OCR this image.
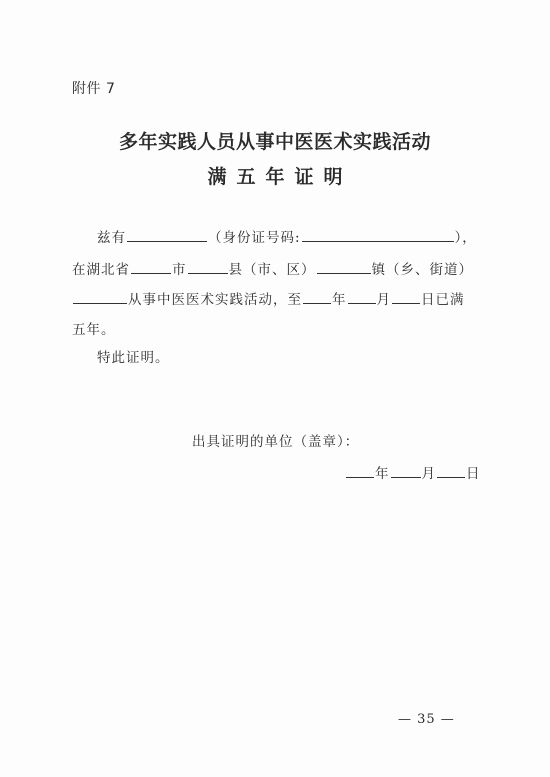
附件 7
多年实践人员从事中医医术实践活动
满五年证明
兹有	（身份证号码:	），
在湖北省	市	县（市、区）	镇（乡、街道）
从事中医医术实践活动，至 年 月 日已满
五年。
特此证明。
出具证明的单位（盖章）：
年 月 日
— 35 —
